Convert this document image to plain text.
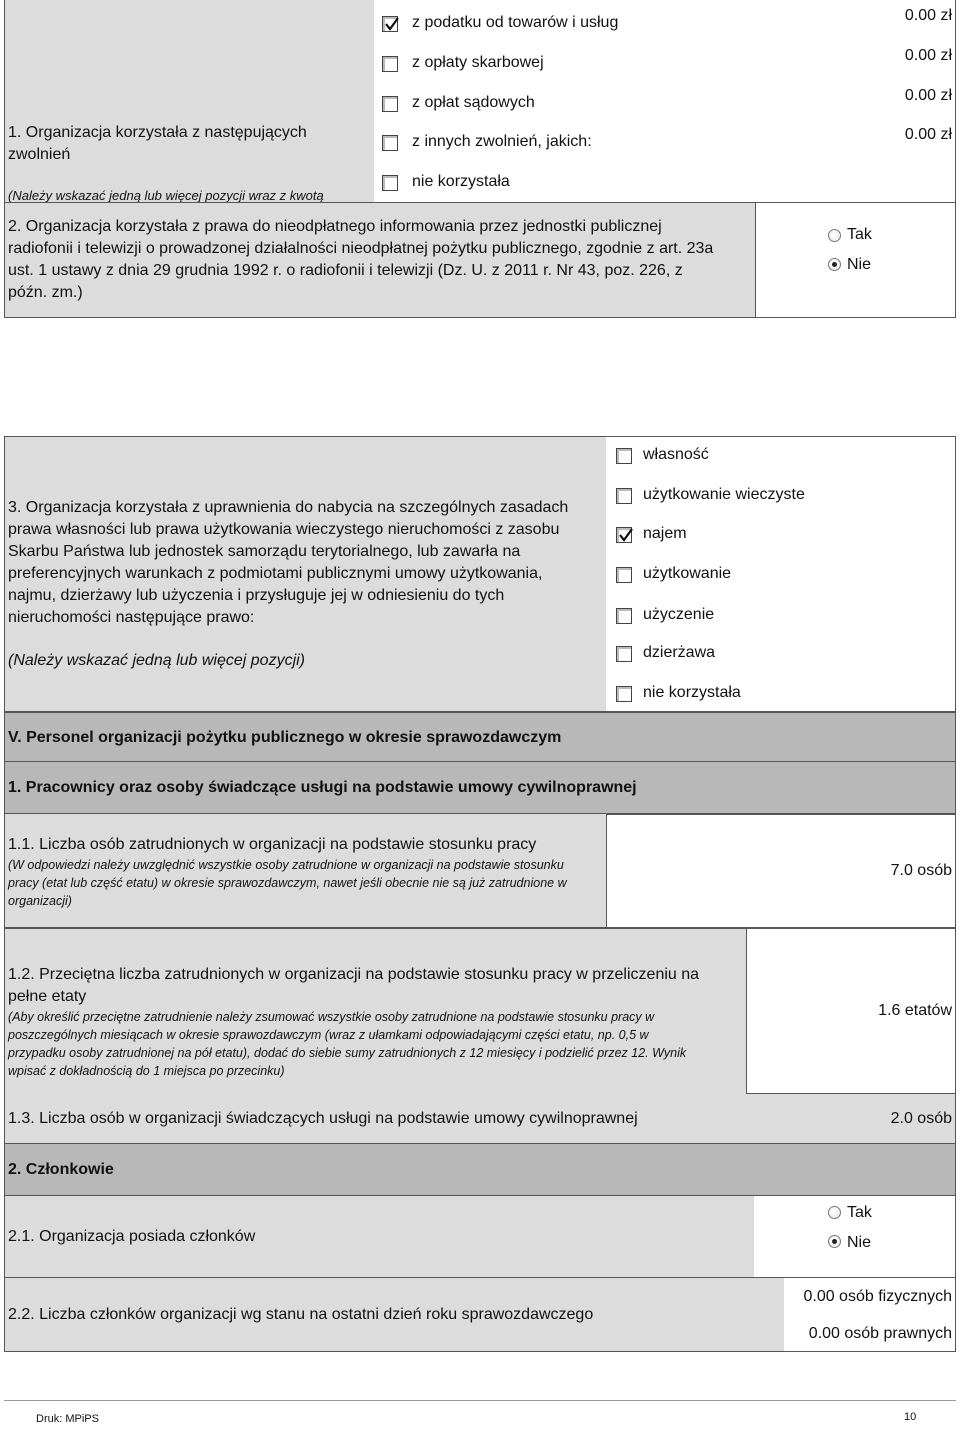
1. Organizacja korzystała z następujących zwolnień
(Należy wskazać jedną lub więcej pozycji wraz z kwotą
z podatku od towarów i usług	0.00 zł
z opłaty skarbowej	0.00 zł
z opłat sądowych	0.00 zł
z innych zwolnień, jakich:	0.00 zł
nie korzystała
2. Organizacja korzystała z prawa do nieodpłatnego informowania przez jednostki publicznej
radiofonii i telewizji o prowadzonej działalności nieodpłatnej pożytku publicznego, zgodnie z art. 23a
ust. 1 ustawy z dnia 29 grudnia 1992 r. o radiofonii i telewizji (Dz. U. z 2011 r. Nr 43, poz. 226, z
późn. zm.)
Tak
Nie
3. Organizacja korzystała z uprawnienia do nabycia na szczególnych zasadach
prawa własności lub prawa użytkowania wieczystego nieruchomości z zasobu
Skarbu Państwa lub jednostek samorządu terytorialnego, lub zawarła na
preferencyjnych warunkach z podmiotami publicznymi umowy użytkowania,
najmu, dzierżawy lub użyczenia i przysługuje jej w odniesieniu do tych
nieruchomości następujące prawo:
(Należy wskazać jedną lub więcej pozycji)
własność
użytkowanie wieczyste
najem
użytkowanie
użyczenie
dzierżawa
nie korzystała
V. Personel organizacji pożytku publicznego w okresie sprawozdawczym
1. Pracownicy oraz osoby świadczące usługi na podstawie umowy cywilnoprawnej
1.1. Liczba osób zatrudnionych w organizacji na podstawie stosunku pracy
(W odpowiedzi należy uwzględnić wszystkie osoby zatrudnione w organizacji na podstawie stosunku
pracy (etat lub część etatu) w okresie sprawozdawczym, nawet jeśli obecnie nie są już zatrudnione w
organizacji)
7.0 osób
1.2. Przeciętna liczba zatrudnionych w organizacji na podstawie stosunku pracy w przeliczeniu na
pełne etaty
(Aby określić przeciętne zatrudnienie należy zsumować wszystkie osoby zatrudnione na podstawie stosunku pracy w
poszczególnych miesiącach w okresie sprawozdawczym (wraz z ułamkami odpowiadającymi części etatu, np. 0,5 w
przypadku osoby zatrudnionej na pół etatu), dodać do siebie sumy zatrudnionych z 12 miesięcy i podzielić przez 12. Wynik
wpisać z dokładnością do 1 miejsca po przecinku)
1.6 etatów
1.3. Liczba osób w organizacji świadczących usługi na podstawie umowy cywilnoprawnej	2.0 osób
2. Członkowie
2.1. Organizacja posiada członków
Tak
Nie
2.2. Liczba członków organizacji wg stanu na ostatni dzień roku sprawozdawczego
0.00 osób fizycznych
0.00 osób prawnych
Druk: MPiPS	10
